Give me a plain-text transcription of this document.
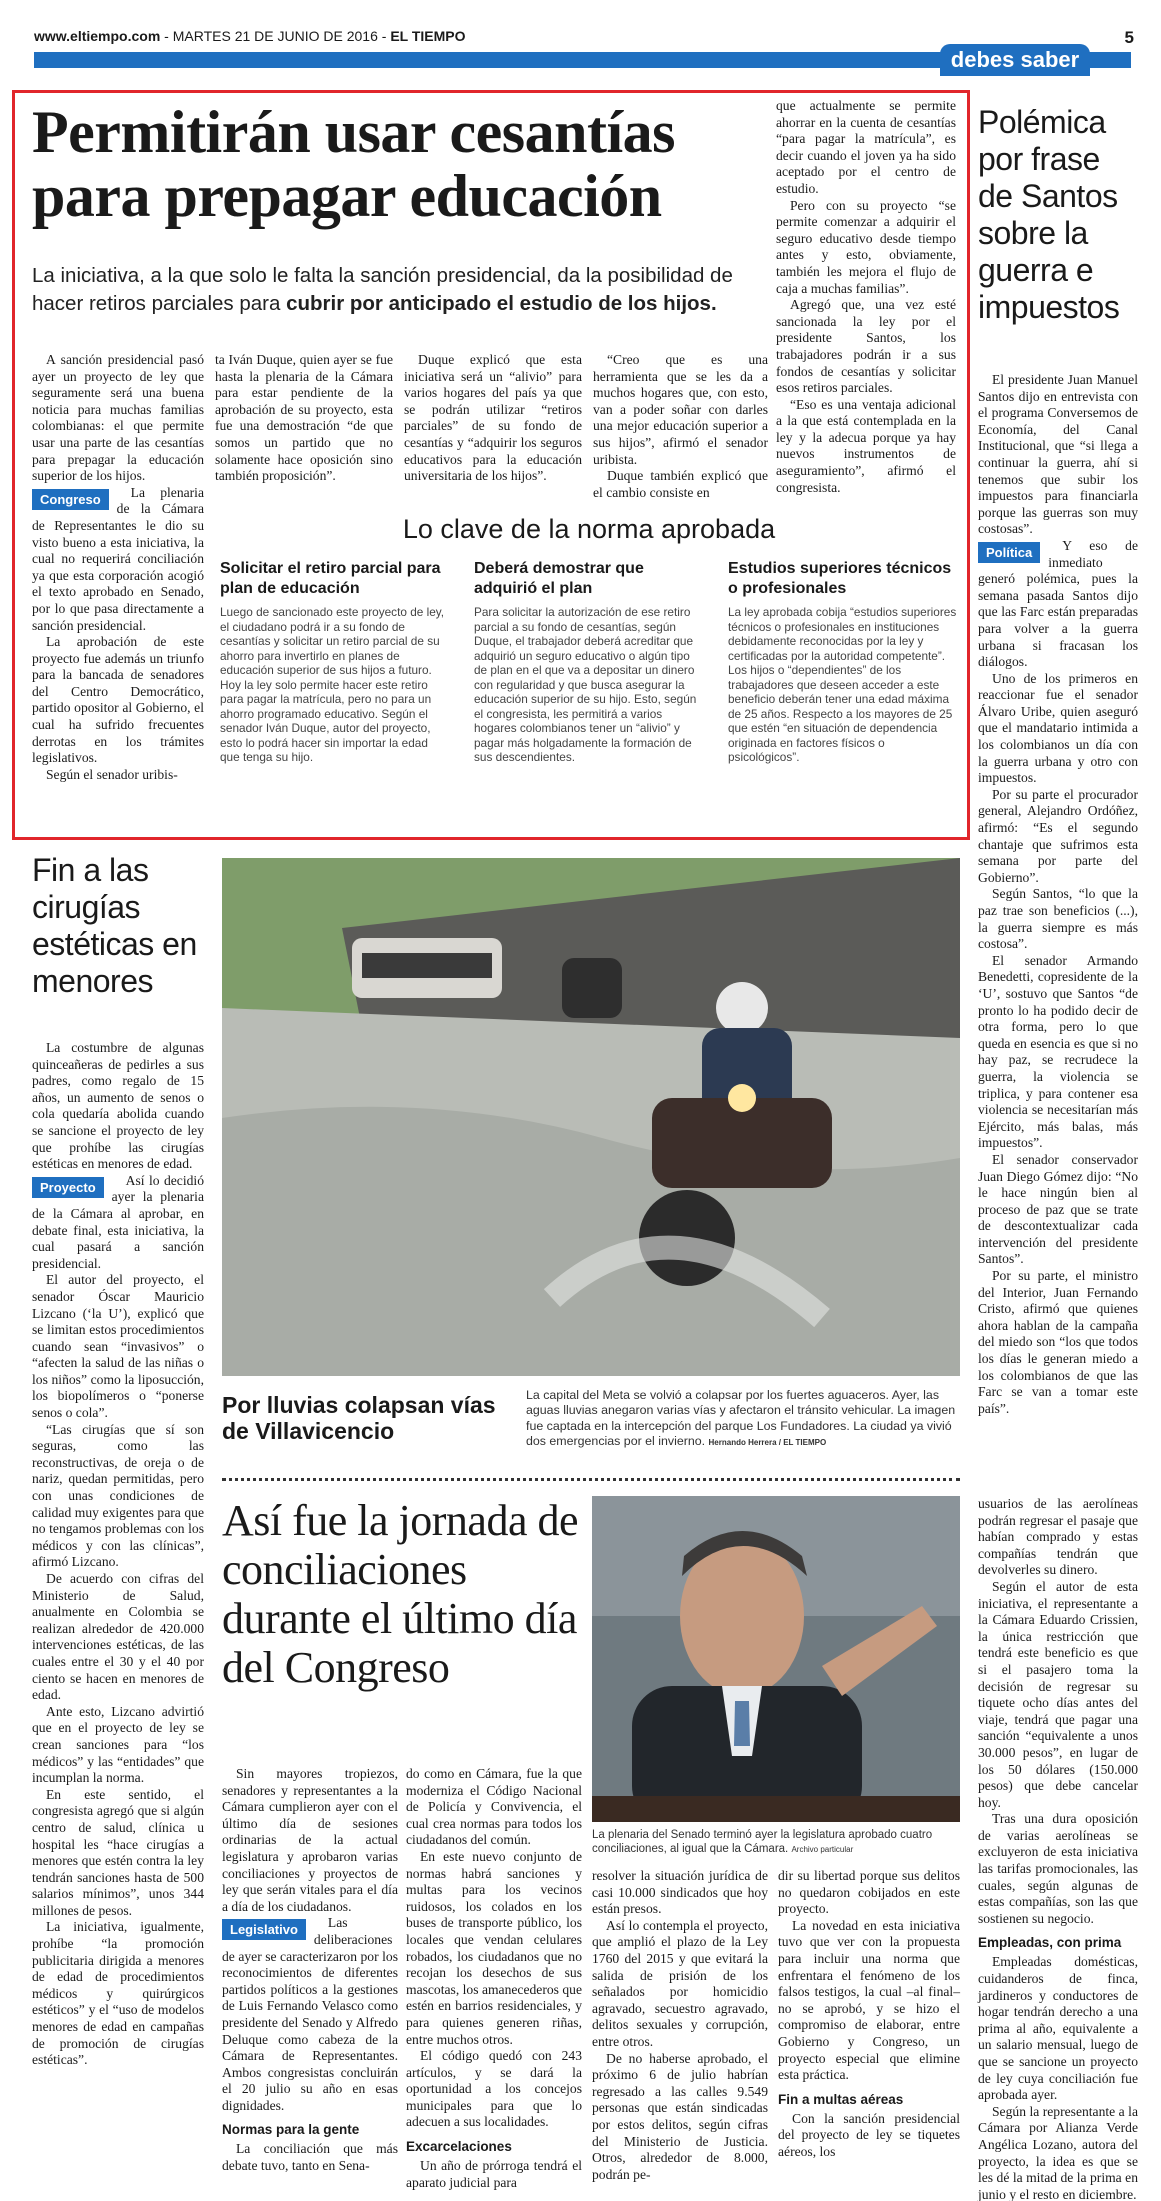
www.eltiempo.com - MARTES 21 DE JUNIO DE 2016 - EL TIEMPO	5
debes saber
Permitirán usar cesantías para prepagar educación
La iniciativa, a la que solo le falta la sanción presidencial, da la posibilidad de hacer retiros parciales para cubrir por anticipado el estudio de los hijos.

A sanción presidencial pasó ayer un proyecto de ley que seguramente será una buena noticia para muchas familias colombianas: el que permite usar una parte de las cesantías para prepagar la educación superior de los hijos.

Congreso	La plenaria de la Cámara de Representantes le dio su visto bueno a esta iniciativa, la cual no requerirá conciliación ya que esta corporación acogió el texto aprobado en Senado, por lo que pasa directamente a sanción presidencial.

La aprobación de este proyecto fue además un triunfo para la bancada de senadores del Centro Democrático, partido opositor al Gobierno, el cual ha sufrido frecuentes derrotas en los trámites legislativos.

Según el senador uribis-

ta Iván Duque, quien ayer se fue hasta la plenaria de la Cámara para estar pendiente de la aprobación de su proyecto, esta fue una demostración “de que somos un partido que no solamente hace oposición sino también proposición”.

Duque explicó que esta iniciativa será un “alivio” para varios hogares del país ya que se podrán utilizar “retiros parciales” de su fondo de cesantías y “adquirir los seguros educativos para la educación universitaria de los hijos”.

“Creo que es una herramienta que se les da a muchos hogares que, con esto, van a poder soñar con darles una mejor educación superior a sus hijos”, afirmó el senador uribista.

Duque también explicó que el cambio consiste en

que actualmente se permite ahorrar en la cuenta de cesantías “para pagar la matrícula”, es decir cuando el joven ya ha sido aceptado por el centro de estudio.

Pero con su proyecto “se permite comenzar a adquirir el seguro educativo desde tiempo antes y esto, obviamente, también les mejora el flujo de caja a muchas familias”.

Agregó que, una vez esté sancionada la ley por el presidente Santos, los trabajadores podrán ir a sus fondos de cesantías y solicitar esos retiros parciales.

“Eso es una ventaja adicional a la que está contemplada en la ley y la adecua porque ya hay nuevos instrumentos de aseguramiento”, afirmó el congresista.

Lo clave de la norma aprobada
Solicitar el retiro parcial para plan de educación
Luego de sancionado este proyecto de ley, el ciudadano podrá ir a su fondo de cesantías y solicitar un retiro parcial de su ahorro para invertirlo en planes de educación superior de sus hijos a futuro. Hoy la ley solo permite hacer este retiro para pagar la matrícula, pero no para un ahorro programado educativo. Según el senador Iván Duque, autor del proyecto, esto lo podrá hacer sin importar la edad que tenga su hijo.
Deberá demostrar que adquirió el plan
Para solicitar la autorización de ese retiro parcial a su fondo de cesantías, según Duque, el trabajador deberá acreditar que adquirió un seguro educativo o algún tipo de plan en el que va a depositar un dinero con regularidad y que busca asegurar la educación superior de su hijo. Esto, según el congresista, les permitirá a varios hogares colombianos tener un “alivio” y pagar más holgadamente la formación de sus descendientes.
Estudios superiores técnicos o profesionales
La ley aprobada cobija “estudios superiores técnicos o profesionales en instituciones debidamente reconocidas por la ley y certificadas por la autoridad competente”. Los hijos o “dependientes” de los trabajadores que deseen acceder a este beneficio deberán tener una edad máxima de 25 años. Respecto a los mayores de 25 que estén “en situación de dependencia originada en factores físicos o psicológicos”.
Polémica por frase de Santos sobre la guerra e impuestos

El presidente Juan Manuel Santos dijo en entrevista con el programa Conversemos de Economía, del Canal Institucional, que “si llega a continuar la guerra, ahí si tenemos que subir los impuestos para financiarla porque las guerras son muy costosas”.

Política	Y eso de inmediato generó polémica, pues la semana pasada Santos dijo que las Farc están preparadas para volver a la guerra urbana si fracasan los diálogos.

Uno de los primeros en reaccionar fue el senador Álvaro Uribe, quien aseguró que el mandatario intimida a los colombianos un día con la guerra urbana y otro con impuestos.

Por su parte el procurador general, Alejandro Ordóñez, afirmó: “Es el segundo chantaje que sufrimos esta semana por parte del Gobierno”.

Según Santos, “lo que la paz trae son beneficios (...), la guerra siempre es más costosa”.

El senador Armando Benedetti, copresidente de la ‘U’, sostuvo que Santos “de pronto lo ha podido decir de otra forma, pero lo que queda en esencia es que si no hay paz, se recrudece la guerra, la violencia se triplica, y para contener esa violencia se necesitarían más Ejército, más balas, más impuestos”.

El senador conservador Juan Diego Gómez dijo: “No le hace ningún bien al proceso de paz que se trate de descontextualizar cada intervención del presidente Santos”.

Por su parte, el ministro del Interior, Juan Fernando Cristo, afirmó que quienes ahora hablan de la campaña del miedo son “los que todos los días le generan miedo a los colombianos de que las Farc se van a tomar este país”.

Fin a las cirugías estéticas en menores

La costumbre de algunas quinceañeras de pedirles a sus padres, como regalo de 15 años, un aumento de senos o cola quedaría abolida cuando se sancione el proyecto de ley que prohíbe las cirugías estéticas en menores de edad.

Proyecto	Así lo decidió ayer la plenaria de la Cámara al aprobar, en debate final, esta iniciativa, la cual pasará a sanción presidencial.

El autor del proyecto, el senador Óscar Mauricio Lizcano (‘la U’), explicó que se limitan estos procedimientos cuando sean “invasivos” o “afecten la salud de las niñas o los niños” como la liposucción, los biopolímeros o “ponerse senos o cola”.

“Las cirugías que sí son seguras, como las reconstructivas, de oreja o de nariz, quedan permitidas, pero con unas condiciones de calidad muy exigentes para que no tengamos problemas con los médicos y con las clínicas”, afirmó Lizcano.

De acuerdo con cifras del Ministerio de Salud, anualmente en Colombia se realizan alrededor de 420.000 intervenciones estéticas, de las cuales entre el 30 y el 40 por ciento se hacen en menores de edad.

Ante esto, Lizcano advirtió que en el proyecto de ley se crean sanciones para “los médicos” y las “entidades” que incumplan la norma.

En este sentido, el congresista agregó que si algún centro de salud, clínica u hospital les “hace cirugías a menores que estén contra la ley tendrán sanciones hasta de 500 salarios mínimos”, unos 344 millones de pesos.

La iniciativa, igualmente, prohíbe “la promoción publicitaria dirigida a menores de edad de procedimientos médicos y quirúrgicos estéticos” y el “uso de modelos menores de edad en campañas de promoción de cirugías estéticas”.

Por lluvias colapsan vías de Villavicencio
La capital del Meta se volvió a colapsar por los fuertes aguaceros. Ayer, las aguas lluvias anegaron varias vías y afectaron el tránsito vehicular. La imagen fue captada en la intercepción del parque Los Fundadores. La ciudad ya vivió dos emergencias por el invierno. Hernando Herrera / EL TIEMPO
Así fue la jornada de conciliaciones durante el último día del Congreso
La plenaria del Senado terminó ayer la legislatura aprobado cuatro conciliaciones, al igual que la Cámara. Archivo particular

Sin mayores tropiezos, senadores y representantes a la Cámara cumplieron ayer con el último día de sesiones ordinarias de la actual legislatura y aprobaron varias conciliaciones y proyectos de ley que serán vitales para el día a día de los ciudadanos.

Legislativo	Las deliberaciones de ayer se caracterizaron por los reconocimientos de diferentes partidos políticos a la gestiones de Luis Fernando Velasco como presidente del Senado y Alfredo Deluque como cabeza de la Cámara de Representantes. Ambos congresistas concluirán el 20 julio su año en esas dignidades.

Normas para la gente

La conciliación que más debate tuvo, tanto en Sena-

do como en Cámara, fue la que moderniza el Código Nacional de Policía y Convivencia, el cual crea normas para todos los ciudadanos del común.

En este nuevo conjunto de normas habrá sanciones y multas para los vecinos ruidosos, los colados en los buses de transporte público, los locales que vendan celulares robados, los ciudadanos que no recojan los desechos de sus mascotas, los amanecederos que estén en barrios residenciales, y para quienes generen riñas, entre muchos otros.

El código quedó con 243 artículos, y se dará la oportunidad a los concejos municipales para que lo adecuen a sus localidades.

Excarcelaciones

Un año de prórroga tendrá el aparato judicial para

resolver la situación jurídica de casi 10.000 sindicados que hoy están presos.

Así lo contempla el proyecto, que amplió el plazo de la Ley 1760 del 2015 y que evitará la salida de prisión de los señalados por homicidio agravado, secuestro agravado, delitos sexuales y corrupción, entre otros.

De no haberse aprobado, el próximo 6 de julio habrían regresado a las calles 9.549 personas que están sindicadas por estos delitos, según cifras del Ministerio de Justicia. Otros, alrededor de 8.000, podrán pe-

dir su libertad porque sus delitos no quedaron cobijados en este proyecto.

La novedad en esta iniciativa tuvo que ver con la propuesta para incluir una norma que enfrentara el fenómeno de los falsos testigos, la cual –al final– no se aprobó, y se hizo el compromiso de elaborar, entre Gobierno y Congreso, un proyecto especial que elimine esta práctica.

Fin a multas aéreas

Con la sanción presidencial del proyecto de ley se tiquetes aéreos, los

usuarios de las aerolíneas podrán regresar el pasaje que habían comprado y estas compañías tendrán que devolverles su dinero.

Según el autor de esta iniciativa, el representante a la Cámara Eduardo Crissien, la única restricción que tendrá este beneficio es que si el pasajero toma la decisión de regresar su tiquete ocho días antes del viaje, tendrá que pagar una sanción “equivalente a unos 30.000 pesos”, en lugar de los 50 dólares (150.000 pesos) que debe cancelar hoy.

Tras una dura oposición de varias aerolíneas se excluyeron de esta iniciativa las tarifas promocionales, las cuales, según algunas de estas compañías, son las que sostienen su negocio.

Empleadas, con prima

Empleadas domésticas, cuidanderos de finca, jardineros y conductores de hogar tendrán derecho a una prima al año, equivalente a un salario mensual, luego de que se sancione un proyecto de ley cuya conciliación fue aprobada ayer.

Según la representante a la Cámara por Alianza Verde Angélica Lozano, autora del proyecto, la idea es que se les dé la mitad de la prima en junio y el resto en diciembre.
